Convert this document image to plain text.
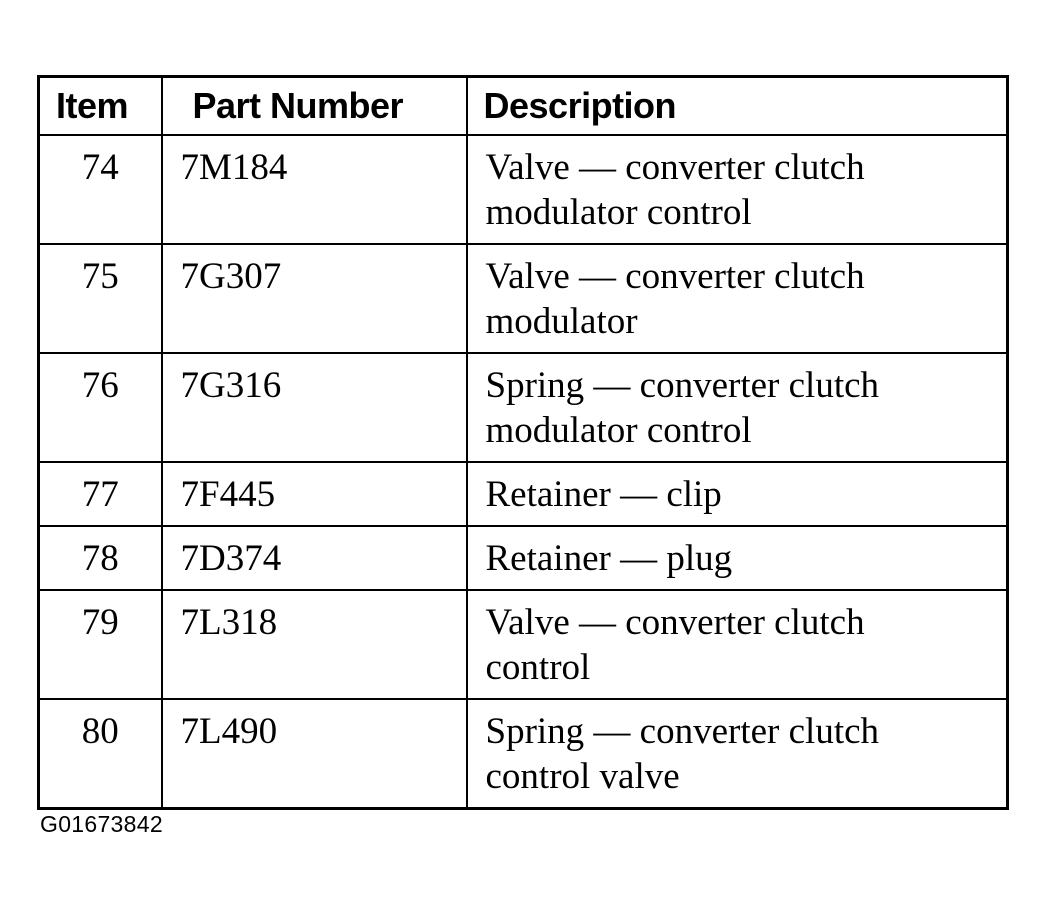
Item	Part Number	Description
74	7M184	Valve — converter clutch
modulator control

75	7G307	Valve — converter clutch
modulator

76	7G316	Spring — converter clutch
modulator control

77	7F445	Retainer — clip

78	7D374	Retainer — plug

79	7L318	Valve — converter clutch
control

80	7L490	Spring — converter clutch
control valve
G01673842
